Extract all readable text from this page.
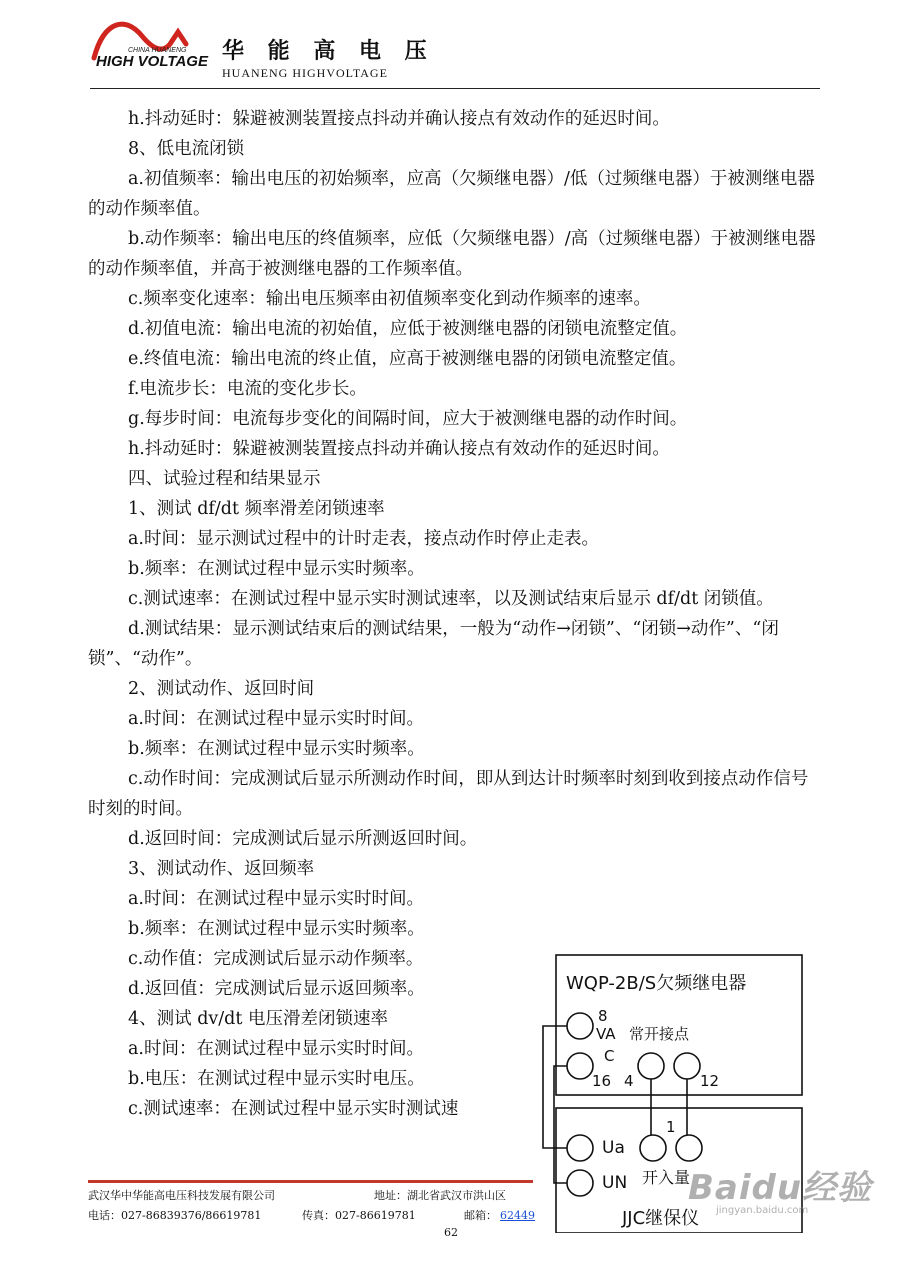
CHINA HUANENG
HIGH VOLTAGE 华 能 高 电 压
HUANENG HIGHVOLTAGE

h.抖动延时：躲避被测装置接点抖动并确认接点有效动作的延迟时间。

8、低电流闭锁

a.初值频率：输出电压的初始频率，应高（欠频继电器）/低（过频继电器）于被测继电器的动作频率值。

b.动作频率：输出电压的终值频率，应低（欠频继电器）/高（过频继电器）于被测继电器的动作频率值，并高于被测继电器的工作频率值。

c.频率变化速率：输出电压频率由初值频率变化到动作频率的速率。

d.初值电流：输出电流的初始值，应低于被测继电器的闭锁电流整定值。

e.终值电流：输出电流的终止值，应高于被测继电器的闭锁电流整定值。

f.电流步长：电流的变化步长。

g.每步时间：电流每步变化的间隔时间，应大于被测继电器的动作时间。

h.抖动延时：躲避被测装置接点抖动并确认接点有效动作的延迟时间。

四、试验过程和结果显示

1、测试 df/dt 频率滑差闭锁速率

a.时间：显示测试过程中的计时走表，接点动作时停止走表。

b.频率：在测试过程中显示实时频率。

c.测试速率：在测试过程中显示实时测试速率，以及测试结束后显示 df/dt 闭锁值。

d.测试结果：显示测试结束后的测试结果，一般为“动作→闭锁”、“闭锁→动作”、“闭锁”、“动作”。

2、测试动作、返回时间

a.时间：在测试过程中显示实时时间。

b.频率：在测试过程中显示实时频率。

c.动作时间：完成测试后显示所测动作时间，即从到达计时频率时刻到收到接点动作信号时刻的时间。

d.返回时间：完成测试后显示所测返回时间。

3、测试动作、返回频率

a.时间：在测试过程中显示实时时间。

b.频率：在测试过程中显示实时频率。

c.动作值：完成测试后显示动作频率。

d.返回值：完成测试后显示返回频率。

4、测试 dv/dt 电压滑差闭锁速率

a.时间：在测试过程中显示实时时间。

b.电压：在测试过程中显示实时电压。

c.测试速率：在测试过程中显示实时测试速

WQP-2B/S欠频继电器
8
VA 常开接点
C
16 4	12
1
Ua
UN 开入量
JJC继保仪
Baidu经验
jingyan.baidu.com
武汉华中华能高电压科技发展有限公司	地址：湖北省武汉市洪山区
电话：027-86839376/86619781	传真：027-86619781	邮箱： 62449
62
